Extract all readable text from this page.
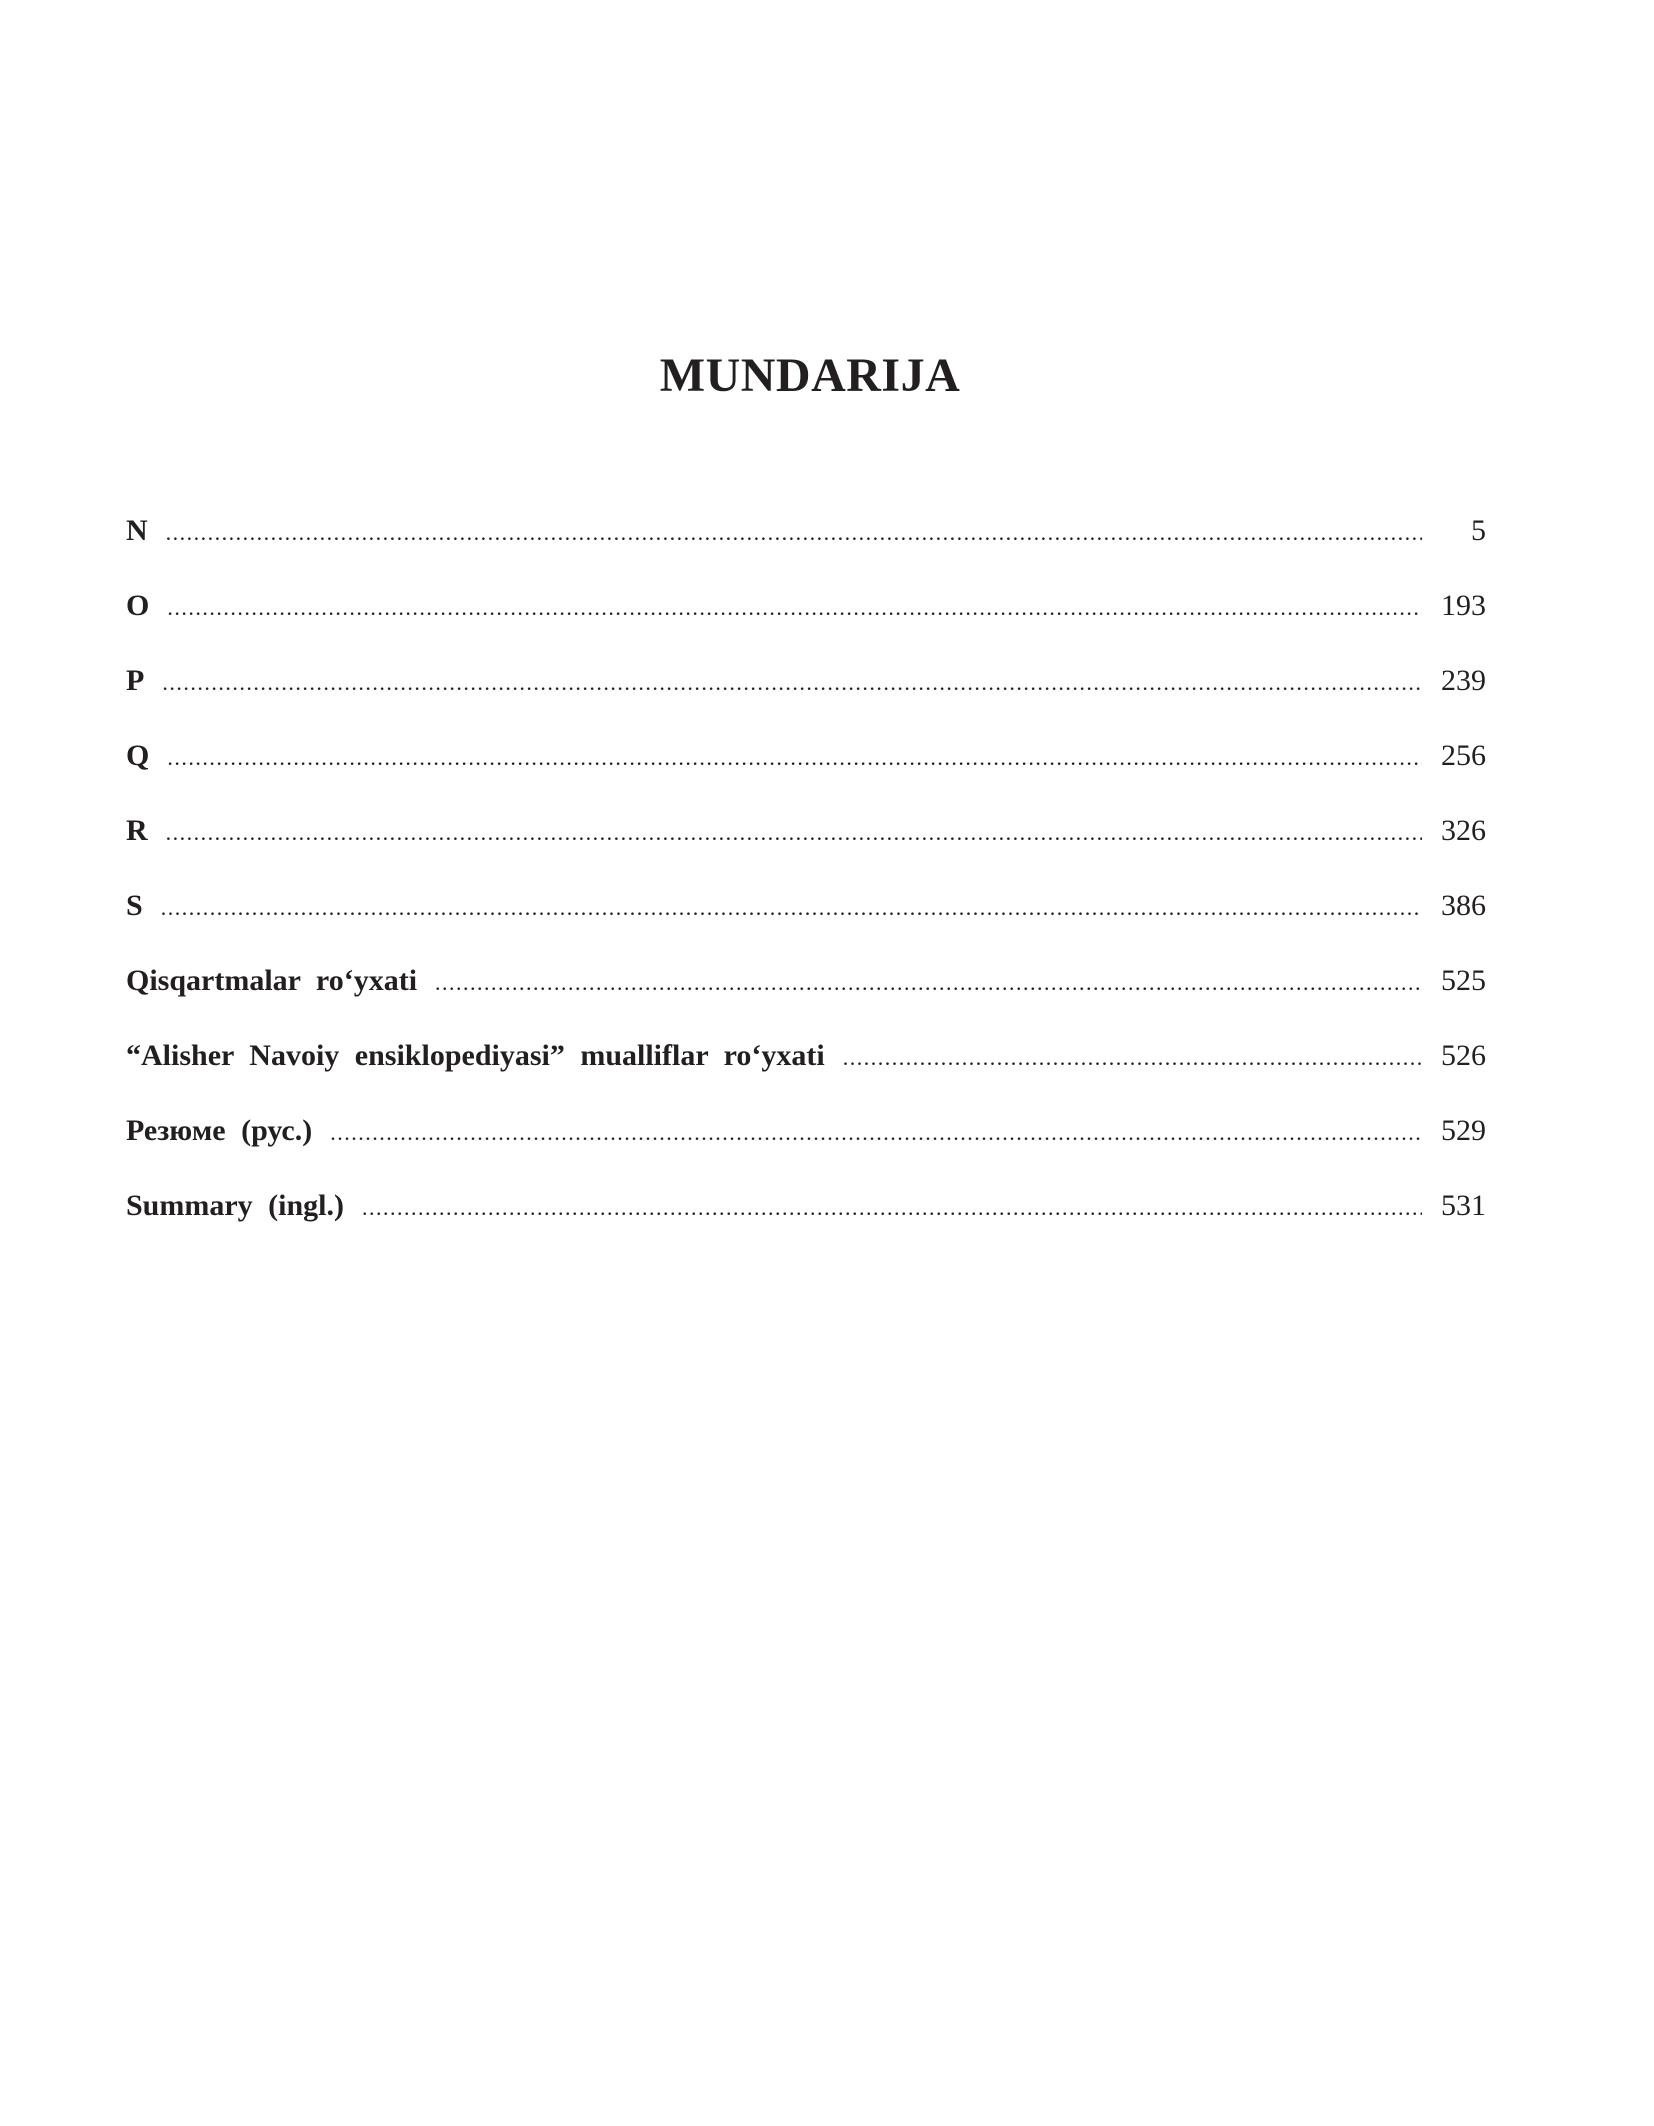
MUNDARIJA
N .....	5
O .....	193
P .....	239
Q .....	256
R .....	326
S .....	386
Qisqartmalar ro‘yxati .....	525
“Alisher Navoiy ensiklopediyasi” mualliflar ro‘yxati .....	526
Резюме (рус.) .....	529
Summary (ingl.) .....	531
